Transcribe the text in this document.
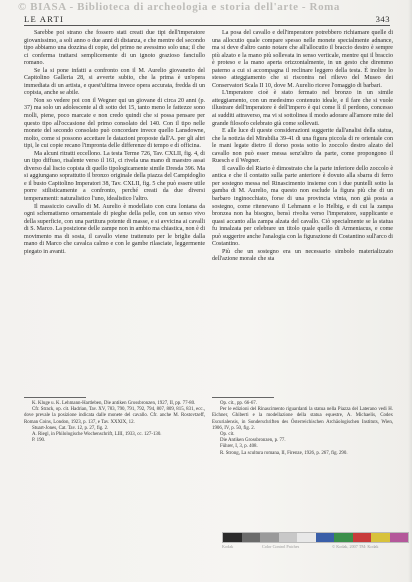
© BIASA - Biblioteca di archeologia e storia dell'arte - Roma
LE ARTI	343

Sarebbe poi strano che fossero stati creati due tipi dell'imperatore giovanissimo, a soli anno o due anni di distanza, e che mentre del secondo tipo abbiamo una dozzina di copie, del primo ne avessimo solo una; il che ci conferma trattarsi semplicemente di un ignoto grazioso fanciullo romano.

Se la si pone infatti a confronto con il M. Aurelio giovanetto del Capitolino Galleria 28, si avverte subito, che la prima è un'opera immediata di un artista, e quest'ultima invece opera accurata, fredda di un copista, anche se abile.

Non so vedere poi con il Wegner qui un giovane di circa 20 anni (p. 37) ma solo un adolescente al di sotto dei 15, tanto meno le fattezze sono molli, piene, poco marcate e non credo quindi che si possa pensare per questo tipo all'occasione del primo consolato del 140. Con il tipo nelle monete del secondo consolato può concordare invece quello Lansdowne, molto, come si possono accettare le datazioni proposte dall'A. per gli altri tipi, le cui copie recano l'impronta delle differenze di tempo e di officina.

Ma alcuni ritratti eccellono. La testa Terme 726, Tav. CXLII, fig. 4, di un tipo diffuso, risalente verso il 161, ci rivela una mano di maestro assai diverso dal liscio copista di quello tipologicamente simile Dresda 396. Ma si aggiungano soprattutto il bronzo originale della piazza del Campidoglio e il busto Capitolino Imperatori 38, Tav. CXLII, fig. 5 che può essere utile porre stilisticamente a confronto, perché creati da due diversi temperamenti: naturalistico l'uno, idealistico l'altro.

Il massiccio cavallo di M. Aurelio è modellato con cura lontana da ogni schematismo ornamentale di pieghe della pelle, con un senso vivo della superficie, con una partitura potente di masse, e si avvicina ai cavalli di S. Marco. La posizione delle zampe non in ambio ma chiastica, non è di movimento ma di sosta, il cavallo viene trattenuto per le briglie dalla mano di Marco che cavalca calmo e con le gambe rilasciate, leggermente piegato in avanti.

La posa del cavallo e dell'imperatore potrebbero richiamare quelle di una allocutio quale compare spesso nelle monete specialmente adnance, ma si deve d'altro canto notare che all'allocutio il braccio destro è sempre più alzato e la mano più sollevata in senso verticale, mentre qui il braccio è proteso e la mano aperta orizzontalmente, in un gesto che diremmo paterno a cui si accompagna il reclinare leggero della testa. È inoltre lo stesso atteggiamento che si riscontra nel rilievo del Museo dei Conservatori Scala II 10, dove M. Aurelio riceve l'omaggio di barbari.

L'imperatore cioè è stato fermato nel bronzo in un simile atteggiamento, con un medesimo contenuto ideale, e il fare che si vuole illustrare dell'imperatore è dell'impero è qui come lì il perdono, concesso ai sudditi attraverso, ma vi si sottolinea il modo adorare all'amore mite del grande filosofo celebrato già come sollevati.

E alle luce di queste considerazioni suggerite dall'analisi della statua, che la notizia del Mirabilia 39-41 di una figura piccola di re orientale con le mani legate dietro il dorso posta sotto lo zoccolo destro alzato del cavallo non può esser messa senz'altro da parte, come propongono il Ruesch e il Wegner.

Il cavallo del Riario è dimostrato che la parte inferiore dello zoccolo è antica e che il contatto sulla parte anteriore è dovuto alla sbarra di ferro per sostegno messa nel Rinascimento insieme con i due puntelli sotto la gamba di M. Aurelio, ma questo non esclude la figura più che di un barbaro inginocchiato, forse di una provincia vinta, non già posta a sostegno, come ritenevano il Lehmann e lo Helbig, e di cui la zampa bronzea non ha bisogno, bensì rivolta verso l'imperatore, supplicante e quasi accanto alla zampa alzata del cavallo. Ciò specialmente se la statua fu innalzata per celebrare un titolo quale quello di Armeniacus, e come può suggerire anche l'analogia con la figurazione di Costantino sull'arco di Costantino.

Più che un sostegno era un necessario simbolo materializzato dell'azione morale che sta

K. Kluge u. K. Lehmann-Hartleben, Die antiken Grossbronzen, 1927, II, pp. 77-80.
Cfr. Strack, op. cit. Hadrian, Tav. XV, 783, 790, 791, 792, 794, 807, 809, 815, 831, ecc., dove prevale la posizione indicata dalle monete del cavallo. Cfr. anche M. Rostovtzeff, Roman Coins, London, 1923, p. 137, e Tav. XXXIX, 12.
Stuart-Jones, Cat. Tav. 12, p. 27, fig. 2.
A. Riegl, in Philologische Wochenschrift, LIII, 1933, cc. 127-130.
P. 190.
Op. cit., pp. 66-67.
Per le edizioni del Rinascimento riguardanti la statua nella Piazza del Laterano vedi H. Eichner, Ghiberti e la modellazione della statua equestre, A. Michaelis, Codex Escurialensis, in Sonderschriften des Österreichischen Archäologischen Instituts, Wien, 1906, IV, p. 50, fig. 2.
Op. cit.
Die Antiken Grossbronzen, p. 77.
Führer, I, 3, p. 408.
R. Strong, La scultura romana, II, Firenze, 1926, p. 267, fig. 290.
Kodak	Color Control Patches	© Kodak, 2007 TM: Kodak
